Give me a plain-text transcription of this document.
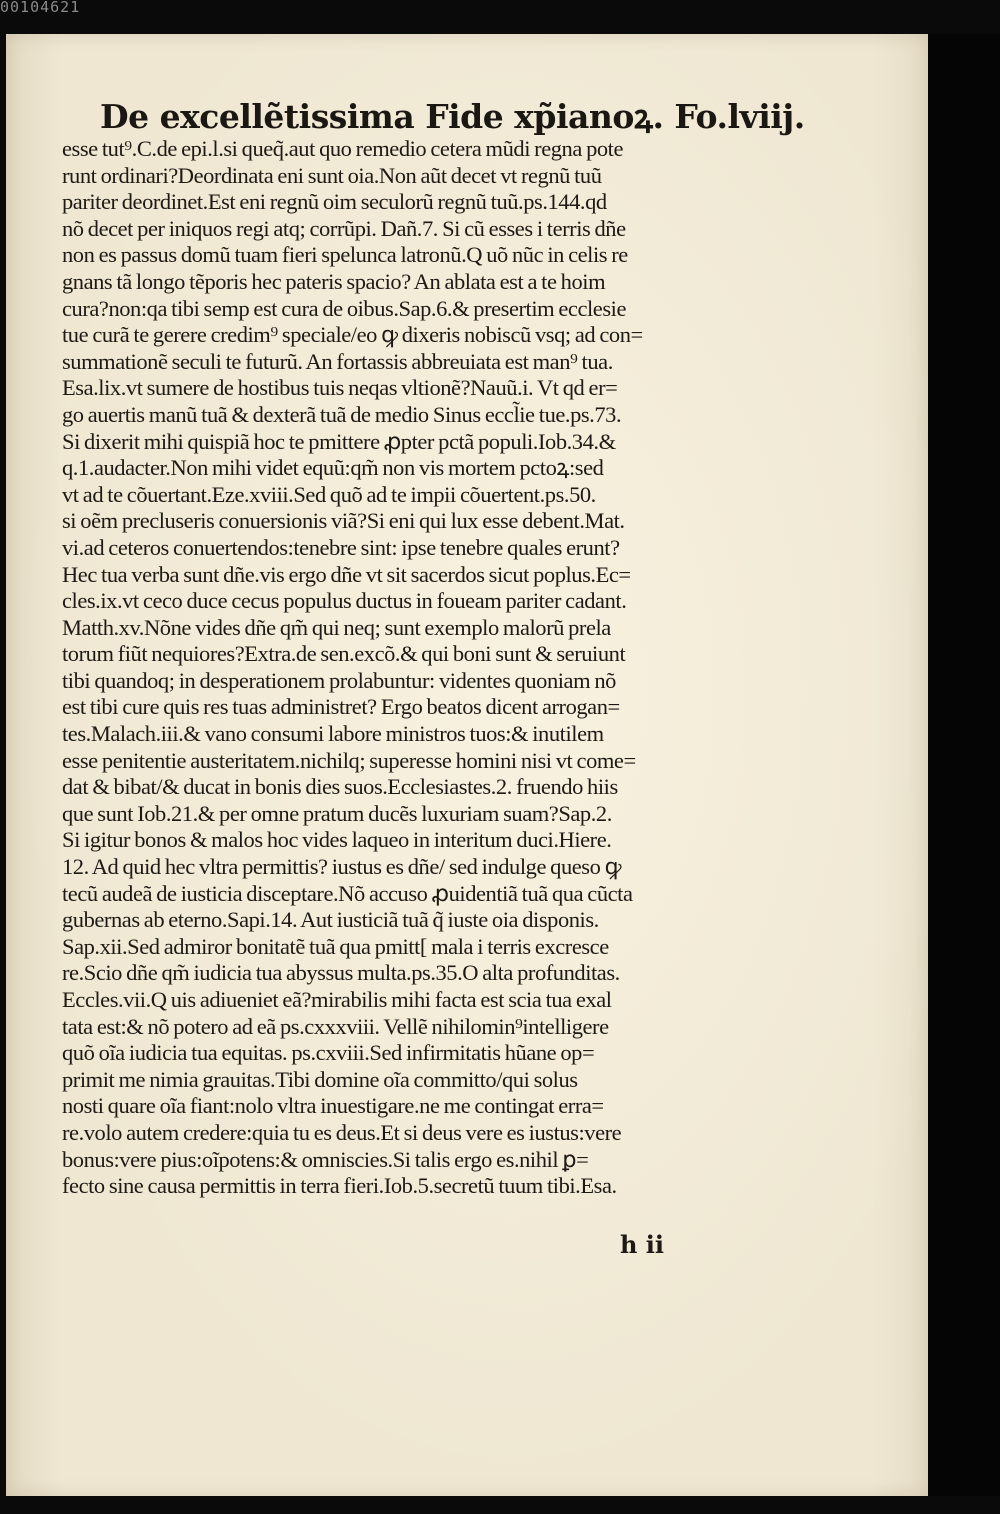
00104621
De excellẽtissima Fide xp̃ianoꝝ. Fo.lviij.
esse tut⁹.C.de epi.l.si queq̃.aut quo remedio cetera mũdi regna pote
runt ordinari?Deordinata eni sunt oia.Non aũt decet vt regnũ tuũ
pariter deordinet.Est eni regnũ oim seculorũ regnũ tuũ.ps.144.qd
nõ decet per iniquos regi atq; corrũpi. Dañ.7. Si cũ esses i terris dñe
non es passus domũ tuam fieri spelunca latronũ.Q uõ nũc in celis re
gnans tã longo tẽporis hec pateris spacio? An ablata est a te hoim
cura?non:qa tibi semp est cura de oibus.Sap.6.& presertim ecclesie
tue curã te gerere credim⁹ speciale/eo ꝙ dixeris nobiscũ vsq; ad con=
summationẽ seculi te futurũ. An fortassis abbreuiata est man⁹ tua.
Esa.lix.vt sumere de hostibus tuis neqas vltionẽ?Nauũ.i. Vt qd er=
go auertis manũ tuã & dexterã tuã de medio Sinus eccl̃ie tue.ps.73.
Si dixerit mihi quispiã hoc te pmittere ꝓpter pctã populi.Iob.34.&
q.1.audacter.Non mihi videt equũ:qm̃ non vis mortem pctoꝝ:sed
vt ad te cõuertant.Eze.xviii.Sed quõ ad te impii cõuertent.ps.50.
si oẽm precluseris conuersionis viã?Si eni qui lux esse debent.Mat.
vi.ad ceteros conuertendos:tenebre sint: ipse tenebre quales erunt?
Hec tua verba sunt dñe.vis ergo dñe vt sit sacerdos sicut poplus.Ec=
cles.ix.vt ceco duce cecus populus ductus in foueam pariter cadant.
Matth.xv.Nõne vides dñe qm̃ qui neq; sunt exemplo malorũ prela
torum fiũt nequiores?Extra.de sen.excõ.& qui boni sunt & seruiunt
tibi quandoq; in desperationem prolabuntur: videntes quoniam nõ
est tibi cure quis res tuas administret? Ergo beatos dicent arrogan=
tes.Malach.iii.& vano consumi labore ministros tuos:& inutilem
esse penitentie austeritatem.nichilq; superesse homini nisi vt come=
dat & bibat/& ducat in bonis dies suos.Ecclesiastes.2. fruendo hiis
que sunt Iob.21.& per omne pratum ducẽs luxuriam suam?Sap.2.
Si igitur bonos & malos hoc vides laqueo in interitum duci.Hiere.
12. Ad quid hec vltra permittis? iustus es dñe/ sed indulge queso ꝙ
tecũ audeã de iusticia disceptare.Nõ accuso ꝓuidentiã tuã qua cũcta
gubernas ab eterno.Sapi.14. Aut iusticiã tuã q̃ iuste oia disponis.
Sap.xii.Sed admiror bonitatẽ tuã qua pmitt[ mala i terris excresce
re.Scio dñe qm̃ iudicia tua abyssus multa.ps.35.O alta profunditas.
Eccles.vii.Q uis adiueniet eã?mirabilis mihi facta est scia tua exal
tata est:& nõ potero ad eã ps.cxxxviii. Vellẽ nihilomin⁹intelligere
quõ oĩa iudicia tua equitas. ps.cxviii.Sed infirmitatis hũane op=
primit me nimia grauitas.Tibi domine oĩa committo/qui solus
nosti quare oĩa fiant:nolo vltra inuestigare.ne me contingat erra=
re.volo autem credere:quia tu es deus.Et si deus vere es iustus:vere
bonus:vere pius:oĩpotens:& omniscies.Si talis ergo es.nihil ꝑ=
fecto sine causa permittis in terra fieri.Iob.5.secretũ tuum tibi.Esa.
h ii
